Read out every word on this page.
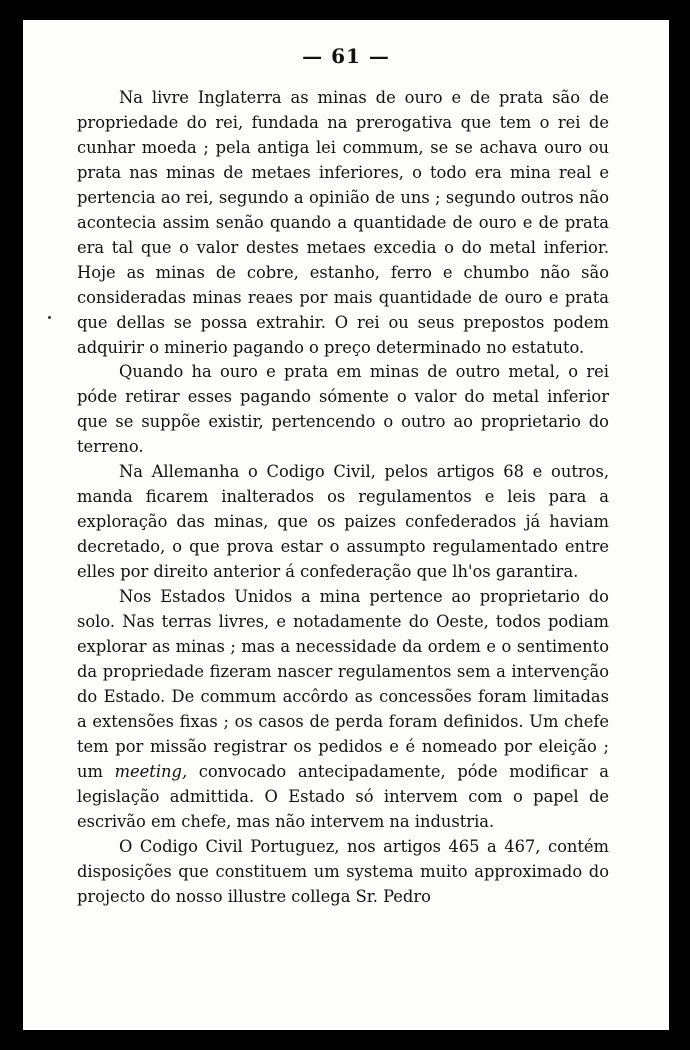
— 61 —

Na livre Inglaterra as minas de ouro e de prata são de propriedade do rei, fundada na prerogativa que tem o rei de cunhar moeda ; pela antiga lei commum, se se achava ouro ou prata nas minas de metaes inferiores, o todo era mina real e pertencia ao rei, segundo a opinião de uns ; segundo outros não acontecia assim senão quando a quantidade de ouro e de prata era tal que o valor destes metaes excedia o do metal inferior. Hoje as minas de cobre, estanho, ferro e chumbo não são consideradas minas reaes por mais quantidade de ouro e prata que dellas se possa extrahir. O rei ou seus prepostos podem adquirir o minerio pagando o preço determinado no estatuto.

Quando ha ouro e prata em minas de outro metal, o rei póde retirar esses pagando sómente o valor do metal inferior que se suppõe existir, pertencendo o outro ao proprietario do terreno.

Na Allemanha o Codigo Civil, pelos artigos 68 e outros, manda ficarem inalterados os regulamentos e leis para a exploração das minas, que os paizes confederados já haviam decretado, o que prova estar o assumpto regulamentado entre elles por direito anterior á confederação que lh'os garantira.

Nos Estados Unidos a mina pertence ao proprietario do solo. Nas terras livres, e notadamente do Oeste, todos podiam explorar as minas ; mas a necessidade da ordem e o sentimento da propriedade fizeram nascer regulamentos sem a intervenção do Estado. De commum accôrdo as concessões foram limitadas a extensões fixas ; os casos de perda foram definidos. Um chefe tem por missão registrar os pedidos e é nomeado por eleição ; um meeting, convocado antecipadamente, póde modificar a legislação admittida. O Estado só intervem com o papel de escrivão em chefe, mas não intervem na industria.

O Codigo Civil Portuguez, nos artigos 465 a 467, contém disposições que constituem um systema muito approximado do projecto do nosso illustre collega Sr. Pedro
